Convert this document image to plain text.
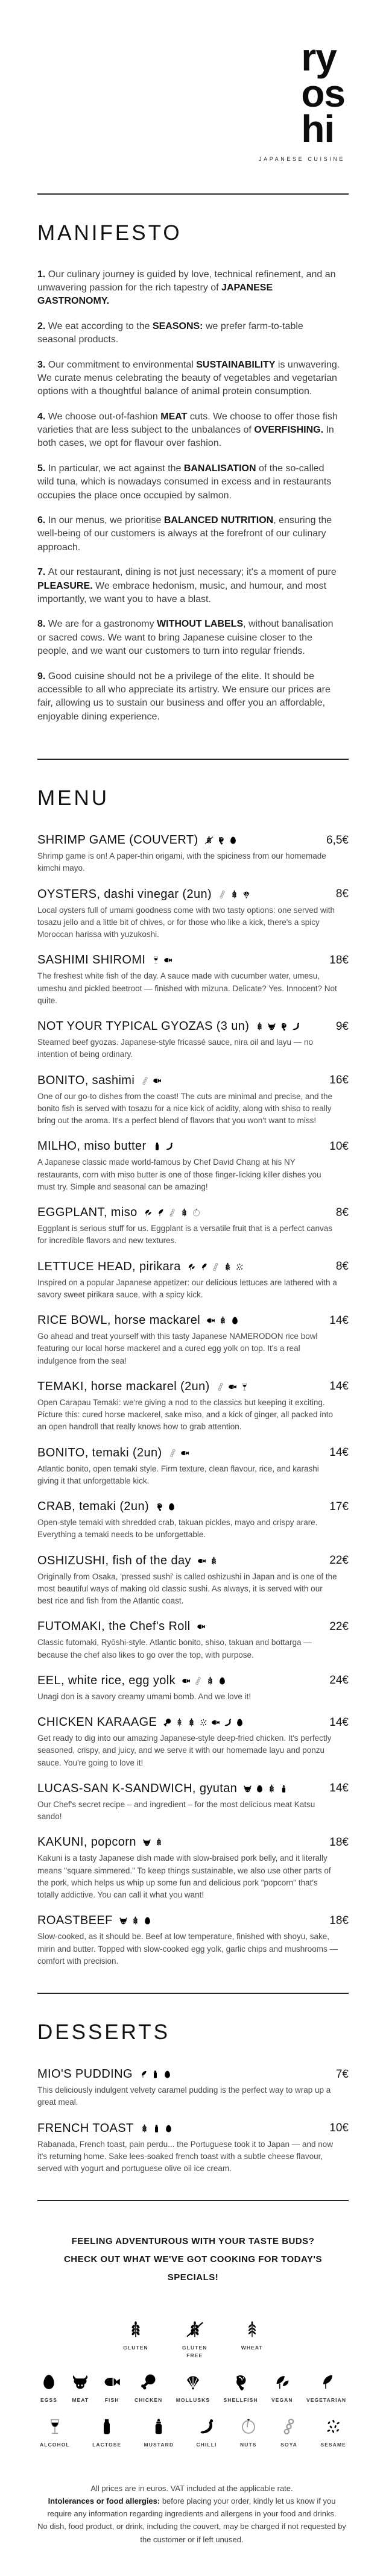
ry
os
hi
JAPANESE CUISINE
MANIFESTO

1. Our culinary journey is guided by love, technical refinement, and an unwavering passion for the rich tapestry of JAPANESE GASTRONOMY.

2. We eat according to the SEASONS: we prefer farm-to-table seasonal products.

3. Our commitment to environmental SUSTAINABILITY is unwavering. We curate menus celebrating the beauty of vegetables and vegetarian options with a thoughtful balance of animal protein consumption.

4. We choose out-of-fashion MEAT cuts. We choose to offer those fish varieties that are less subject to the unbalances of OVERFISHING. In both cases, we opt for flavour over fashion.

5. In particular, we act against the BANALISATION of the so-called wild tuna, which is nowadays consumed in excess and in restaurants occupies the place once occupied by salmon.

6. In our menus, we prioritise BALANCED NUTRITION, ensuring the well-being of our customers is always at the forefront of our culinary approach.

7. At our restaurant, dining is not just necessary; it's a moment of pure PLEASURE. We embrace hedonism, music, and humour, and most importantly, we want you to have a blast.

8. We are for a gastronomy WITHOUT LABELS, without banalisation or sacred cows. We want to bring Japanese cuisine closer to the people, and we want our customers to turn into regular friends.

9. Good cuisine should not be a privilege of the elite. It should be accessible to all who appreciate its artistry. We ensure our prices are fair, allowing us to sustain our business and offer you an affordable, enjoyable dining experience.

MENU
SHRIMP GAME (COUVERT)	6,5€

Shrimp game is on! A paper-thin origami, with the spiciness from our homemade kimchi mayo.

OYSTERS, dashi vinegar (2un)	8€

Local oysters full of umami goodness come with two tasty options: one served with tosazu jello and a little bit of chives, or for those who like a kick, there's a spicy Moroccan harissa with yuzukoshi.

SASHIMI SHIROMI	18€

The freshest white fish of the day. A sauce made with cucumber water, umesu, umeshu and pickled beetroot — finished with mizuna. Delicate? Yes. Innocent? Not quite.

NOT YOUR TYPICAL GYOZAS (3 un)	9€

Steamed beef gyozas. Japanese-style fricassé sauce, nira oil and layu — no intention of being ordinary.

BONITO, sashimi	16€

One of our go-to dishes from the coast! The cuts are minimal and precise, and the bonito fish is served with tosazu for a nice kick of acidity, along with shiso to really bring out the aroma. It's a perfect blend of flavors that you won't want to miss!

MILHO, miso butter	10€

A Japanese classic made world-famous by Chef David Chang at his NY restaurants, corn with miso butter is one of those finger-licking killer dishes you must try. Simple and seasonal can be amazing!

EGGPLANT, miso	8€

Eggplant is serious stuff for us. Eggplant is a versatile fruit that is a perfect canvas for incredible flavors and new textures.

LETTUCE HEAD, pirikara	8€

Inspired on a popular Japanese appetizer: our delicious lettuces are lathered with a savory sweet pirikara sauce, with a spicy kick.

RICE BOWL, horse mackarel	14€

Go ahead and treat yourself with this tasty Japanese NAMERODON rice bowl featuring our local horse mackerel and a cured egg yolk on top. It's a real indulgence from the sea!

TEMAKI, horse mackarel (2un)	14€

Open Carapau Temaki: we're giving a nod to the classics but keeping it exciting. Picture this: cured horse mackerel, sake miso, and a kick of ginger, all packed into an open handroll that really knows how to grab attention.

BONITO, temaki (2un)	14€

Atlantic bonito, open temaki style. Firm texture, clean flavour, rice, and karashi giving it that unforgettable kick.

CRAB, temaki (2un)	17€

Open-style temaki with shredded crab, takuan pickles, mayo and crispy arare. Everything a temaki needs to be unforgettable.

OSHIZUSHI, fish of the day	22€

Originally from Osaka, 'pressed sushi' is called oshizushi in Japan and is one of the most beautiful ways of making old classic sushi. As always, it is served with our best rice and fish from the Atlantic coast.

FUTOMAKI, the Chef's Roll	22€

Classic futomaki, Ryōshi-style. Atlantic bonito, shiso, takuan and bottarga — because the chef also likes to go over the top, with purpose.

EEL, white rice, egg yolk	24€

Unagi don is a savory creamy umami bomb. And we love it!

CHICKEN KARAAGE	14€

Get ready to dig into our amazing Japanese-style deep-fried chicken. It's perfectly seasoned, crispy, and juicy, and we serve it with our homemade layu and ponzu sauce. You're going to love it!

LUCAS-SAN K-SANDWICH, gyutan	14€

Our Chef's secret recipe – and ingredient – for the most delicious meat Katsu sando!

KAKUNI, popcorn	18€

Kakuni is a tasty Japanese dish made with slow-braised pork belly, and it literally means "square simmered." To keep things sustainable, we also use other parts of the pork, which helps us whip up some fun and delicious pork "popcorn" that's totally addictive. You can call it what you want!

ROASTBEEF	18€

Slow-cooked, as it should be. Beef at low temperature, finished with shoyu, sake, mirin and butter. Topped with slow-cooked egg yolk, garlic chips and mushrooms — comfort with precision.

DESSERTS
MIO'S PUDDING	7€

This deliciously indulgent velvety caramel pudding is the perfect way to wrap up a great meal.

FRENCH TOAST	10€

Rabanada, French toast, pain perdu... the Portuguese took it to Japan — and now it's returning home. Sake lees-soaked french toast with a subtle cheese flavour, served with yogurt and portuguese olive oil ice cream.

FEELING ADVENTUROUS WITH YOUR TASTE BUDS?
CHECK OUT WHAT WE'VE GOT COOKING FOR TODAY'S SPECIALS!
GLUTEN	GLUTEN FREE
WHEAT
EGSS	MEAT	FISH	CHICKEN	MOLLUSKS	SHELLFISH	VEGAN	VEGETARIAN
ALCOHOL	LACTOSE	MUSTARD	CHILLI	NUTS	SOYA	SESAME

All prices are in euros. VAT included at the applicable rate.

Intolerances or food allergies: before placing your order, kindly let us know if you require any information regarding ingredients and allergens in your food and drinks.

No dish, food product, or drink, including the couvert, may be charged if not requested by the customer or if left unused.
